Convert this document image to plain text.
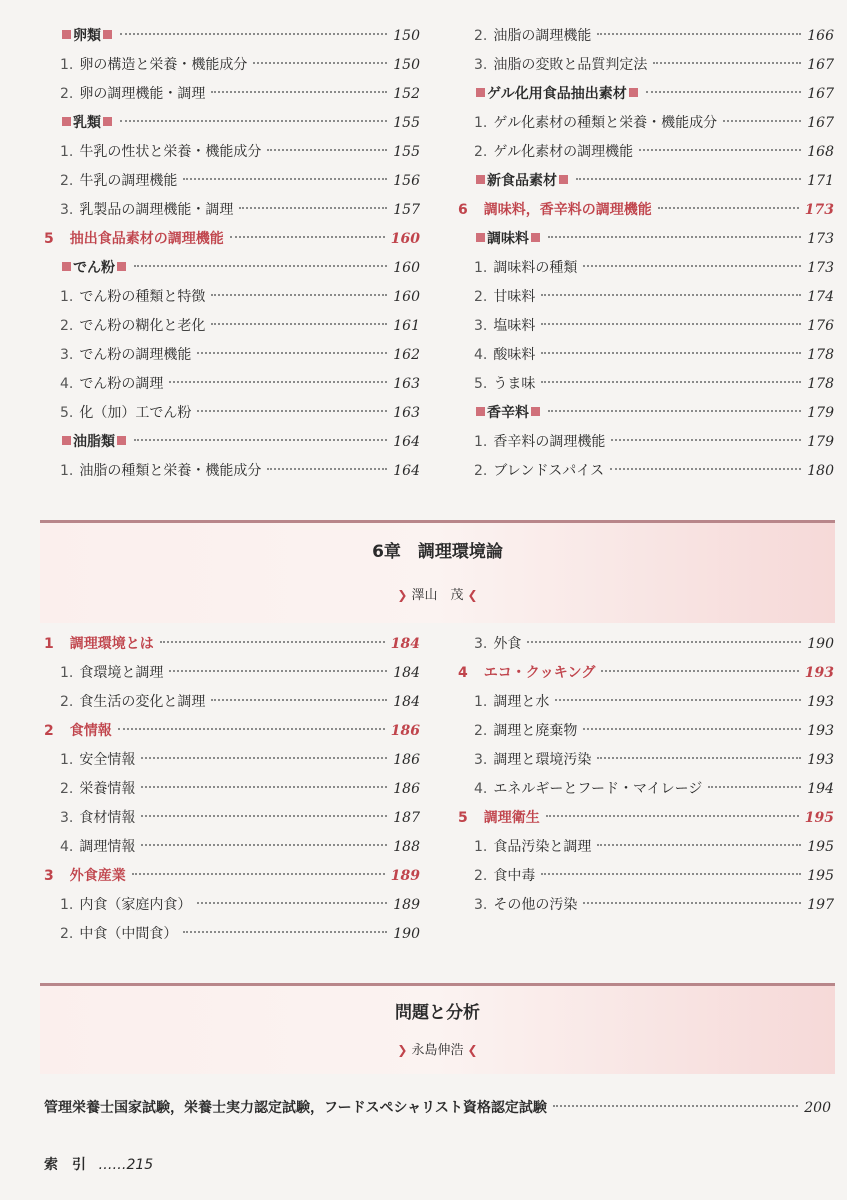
卵類	150
1. 卵の構造と栄養・機能成分	150
2. 卵の調理機能・調理	152
乳類	155
1. 牛乳の性状と栄養・機能成分	155
2. 牛乳の調理機能	156
3. 乳製品の調理機能・調理	157
5 抽出食品素材の調理機能	160
でん粉	160
1. でん粉の種類と特徴	160
2. でん粉の糊化と老化	161
3. でん粉の調理機能	162
4. でん粉の調理	163
5. 化（加）工でん粉	163
油脂類	164
1. 油脂の種類と栄養・機能成分	164
2. 油脂の調理機能	166
3. 油脂の変敗と品質判定法	167
ゲル化用食品抽出素材	167
1. ゲル化素材の種類と栄養・機能成分	167
2. ゲル化素材の調理機能	168
新食品素材	171
6 調味料，香辛料の調理機能	173
調味料	173
1. 調味料の種類	173
2. 甘味料	174
3. 塩味料	176
4. 酸味料	178
5. うま味	178
香辛料	179
1. 香辛料の調理機能	179
2. ブレンドスパイス	180
6章　調理環境論
❯ 澤山　茂 ❮
1 調理環境とは	184
1. 食環境と調理	184
2. 食生活の変化と調理	184
2 食情報	186
1. 安全情報	186
2. 栄養情報	186
3. 食材情報	187
4. 調理情報	188
3 外食産業	189
1. 内食（家庭内食）	189
2. 中食（中間食）	190
3. 外食	190
4 エコ・クッキング	193
1. 調理と水	193
2. 調理と廃棄物	193
3. 調理と環境汚染	193
4. エネルギーとフード・マイレージ	194
5 調理衛生	195
1. 食品汚染と調理	195
2. 食中毒	195
3. その他の汚染	197
問題と分析
❯ 永島伸浩 ❮
管理栄養士国家試験，栄養士実力認定試験，フードスペシャリスト資格認定試験	200
索　引 ……215
